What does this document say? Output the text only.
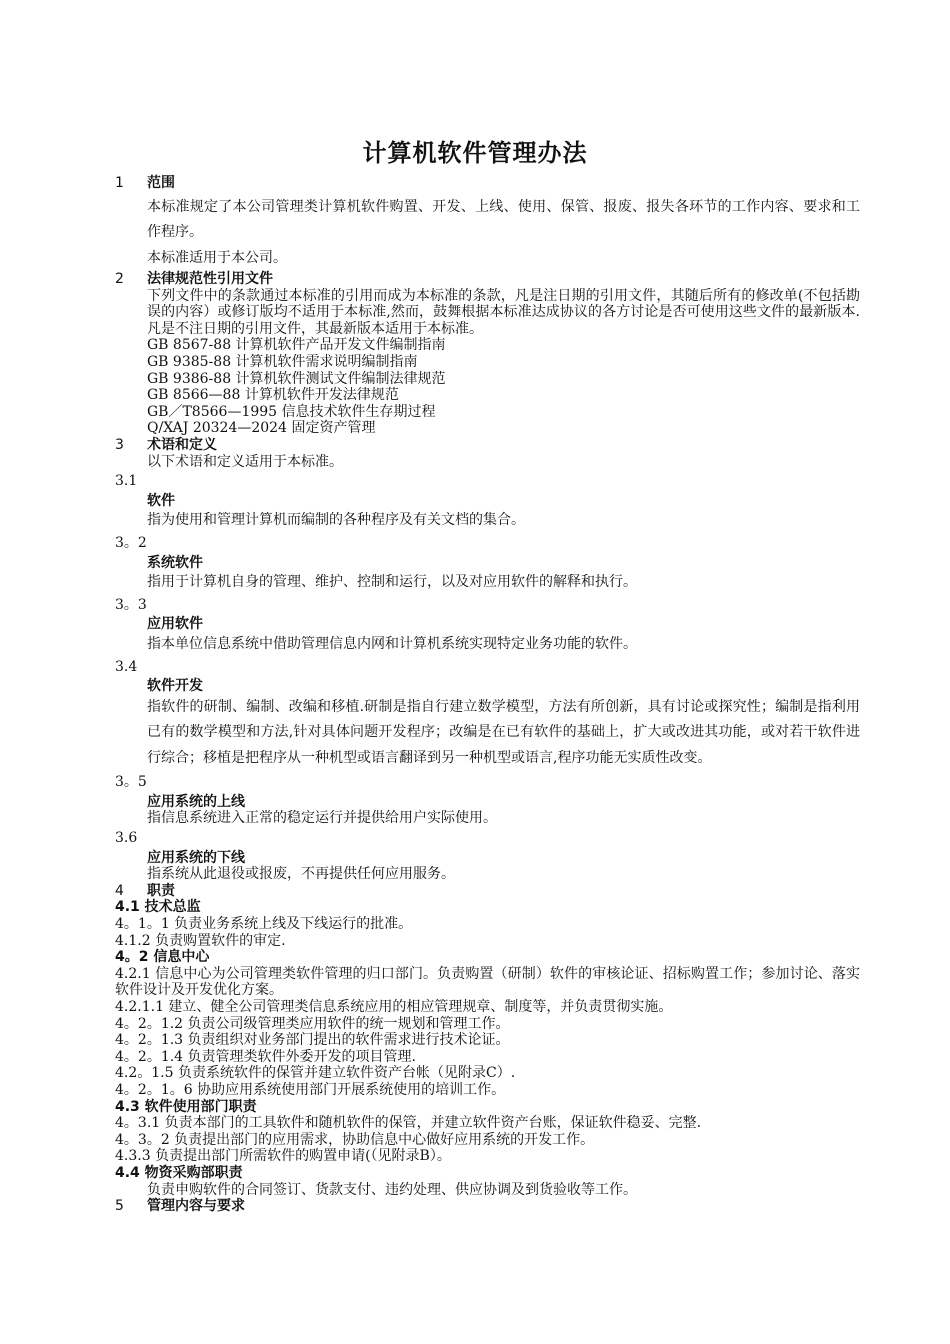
计算机软件管理办法
1 范围
本标准规定了本公司管理类计算机软件购置、开发、上线、使用、保管、报废、报失各环节的工作内容、要求和工作程序。
本标准适用于本公司。
2 法律规范性引用文件
下列文件中的条款通过本标准的引用而成为本标准的条款，凡是注日期的引用文件，其随后所有的修改单(不包括勘误的内容）或修订版均不适用于本标准,然而，鼓舞根据本标准达成协议的各方讨论是否可使用这些文件的最新版本.凡是不注日期的引用文件，其最新版本适用于本标准。
GB 8567-88 计算机软件产品开发文件编制指南
GB 9385-88 计算机软件需求说明编制指南
GB 9386-88 计算机软件测试文件编制法律规范
GB 8566—88 计算机软件开发法律规范
GB／T8566—1995 信息技术软件生存期过程
Q/XAJ 20324—2024 固定资产管理
3 术语和定义
以下术语和定义适用于本标准。
3.1
软件
指为使用和管理计算机而编制的各种程序及有关文档的集合。
3。2
系统软件
指用于计算机自身的管理、维护、控制和运行，以及对应用软件的解释和执行。
3。3
应用软件
指本单位信息系统中借助管理信息内网和计算机系统实现特定业务功能的软件。
3.4
软件开发
指软件的研制、编制、改编和移植.研制是指自行建立数学模型，方法有所创新，具有讨论或探究性；编制是指利用已有的数学模型和方法,针对具体问题开发程序；改编是在已有软件的基础上，扩大或改进其功能，或对若干软件进行综合；移植是把程序从一种机型或语言翻译到另一种机型或语言,程序功能无实质性改变。
3。5
应用系统的上线
指信息系统进入正常的稳定运行并提供给用户实际使用。
3.6
应用系统的下线
指系统从此退役或报废，不再提供任何应用服务。
4 职责
4.1 技术总监
4。1。1 负责业务系统上线及下线运行的批准。
4.1.2 负责购置软件的审定.
4。2 信息中心
4.2.1 信息中心为公司管理类软件管理的归口部门。负责购置（研制）软件的审核论证、招标购置工作；参加讨论、落实软件设计及开发优化方案。
4.2.1.1 建立、健全公司管理类信息系统应用的相应管理规章、制度等，并负责贯彻实施。
4。2。1.2 负责公司级管理类应用软件的统一规划和管理工作。
4。2。1.3 负责组织对业务部门提出的软件需求进行技术论证。
4。2。1.4 负责管理类软件外委开发的项目管理.
4.2。1.5 负责系统软件的保管并建立软件资产台帐（见附录C）.
4。2。1。6 协助应用系统使用部门开展系统使用的培训工作。
4.3 软件使用部门职责
4。3.1 负责本部门的工具软件和随机软件的保管，并建立软件资产台账，保证软件稳妥、完整.
4。3。2 负责提出部门的应用需求，协助信息中心做好应用系统的开发工作。
4.3.3 负责提出部门所需软件的购置申请(（见附录B）。
4.4 物资采购部职责
负责申购软件的合同签订、货款支付、违约处理、供应协调及到货验收等工作。
5 管理内容与要求
